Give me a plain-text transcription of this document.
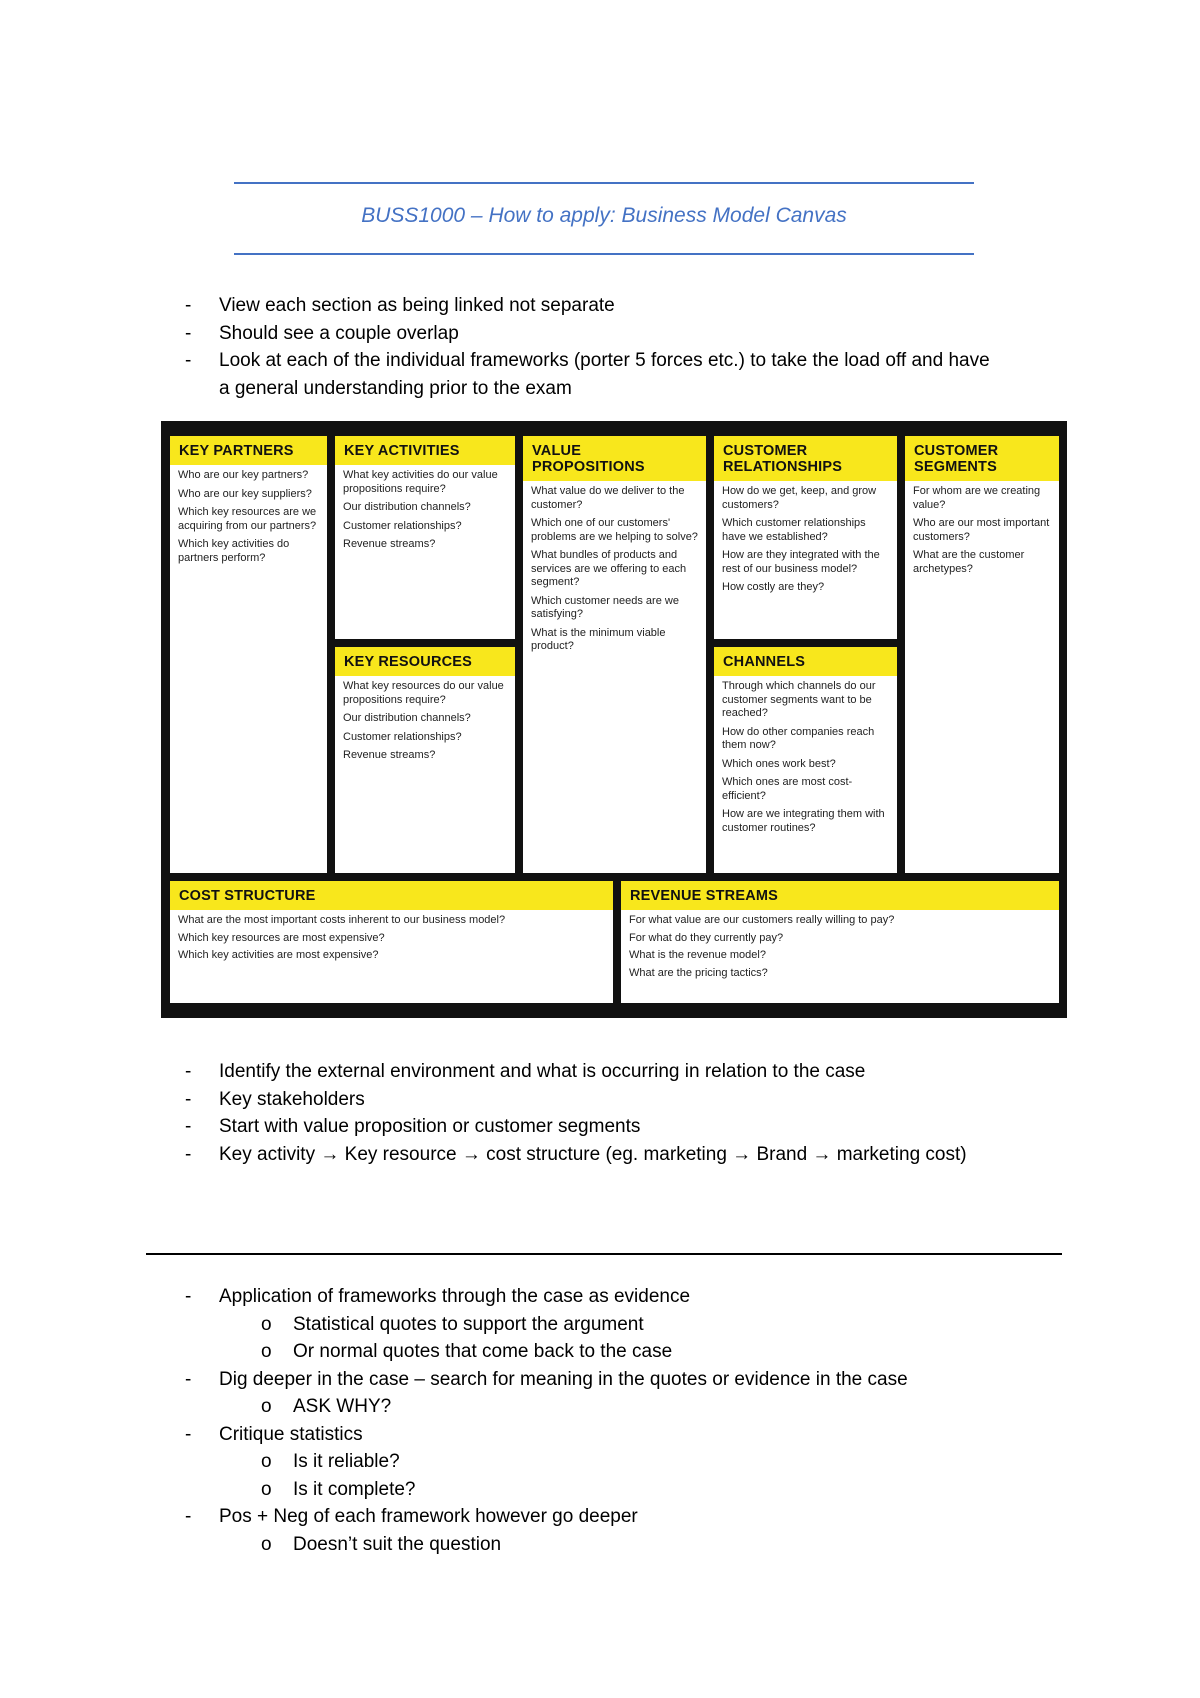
BUSS1000 – How to apply: Business Model Canvas
- View each section as being linked not separate
- Should see a couple overlap
- Look at each of the individual frameworks (porter 5 forces etc.) to take the load off and have
a general understanding prior to the exam
KEY PARTNERS
Who are our key partners?
Who are our key suppliers?
Which key resources are we acquiring from our partners?
Which key activities do partners perform?
KEY ACTIVITIES
What key activities do our value propositions require?
Our distribution channels?
Customer relationships?
Revenue streams?
KEY RESOURCES
What key resources do our value propositions require?
Our distribution channels?
Customer relationships?
Revenue streams?
VALUE PROPOSITIONS
What value do we deliver to the customer?
Which one of our customers' problems are we helping to solve?
What bundles of products and services are we offering to each segment?
Which customer needs are we satisfying?
What is the minimum viable product?
CUSTOMER RELATIONSHIPS
How do we get, keep, and grow customers?
Which customer relationships have we established?
How are they integrated with the rest of our business model?
How costly are they?
CHANNELS
Through which channels do our customer segments want to be reached?
How do other companies reach them now?
Which ones work best?
Which ones are most cost-efficient?
How are we integrating them with customer routines?
CUSTOMER SEGMENTS
For whom are we creating value?
Who are our most important customers?
What are the customer archetypes?
COST STRUCTURE
What are the most important costs inherent to our business model?
Which key resources are most expensive?
Which key activities are most expensive?
REVENUE STREAMS
For what value are our customers really willing to pay?
For what do they currently pay?
What is the revenue model?
What are the pricing tactics?
- Identify the external environment and what is occurring in relation to the case
- Key stakeholders
- Start with value proposition or customer segments
- Key activity → Key resource → cost structure (eg. marketing → Brand → marketing cost)
- Application of frameworks through the case as evidence
o Statistical quotes to support the argument
o Or normal quotes that come back to the case
- Dig deeper in the case – search for meaning in the quotes or evidence in the case
o ASK WHY?
- Critique statistics
o Is it reliable?
o Is it complete?
- Pos + Neg of each framework however go deeper
o Doesn’t suit the question
